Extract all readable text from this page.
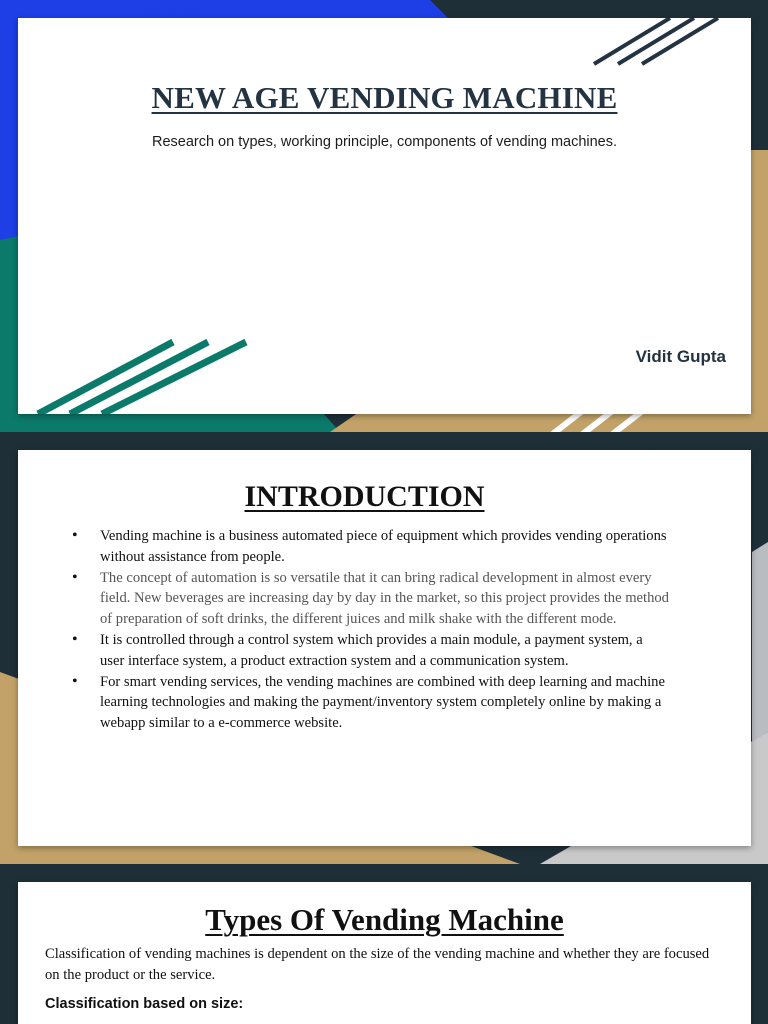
NEW AGE VENDING MACHINE
Research on types, working principle, components of vending machines.
Vidit Gupta
INTRODUCTION
• Vending machine is a business automated piece of equipment which provides vending operations without assistance from people.
• The concept of automation is so versatile that it can bring radical development in almost every field. New beverages are increasing day by day in the market, so this project provides the method of preparation of soft drinks, the different juices and milk shake with the different mode.
• It is controlled through a control system which provides a main module, a payment system, a user interface system, a product extraction system and a communication system.
• For smart vending services, the vending machines are combined with deep learning and machine learning technologies and making the payment/inventory system completely online by making a webapp similar to a e-commerce website.
Types Of Vending Machine
Classification of vending machines is dependent on the size of the vending machine and whether they are focused on the product or the service.
Classification based on size:
